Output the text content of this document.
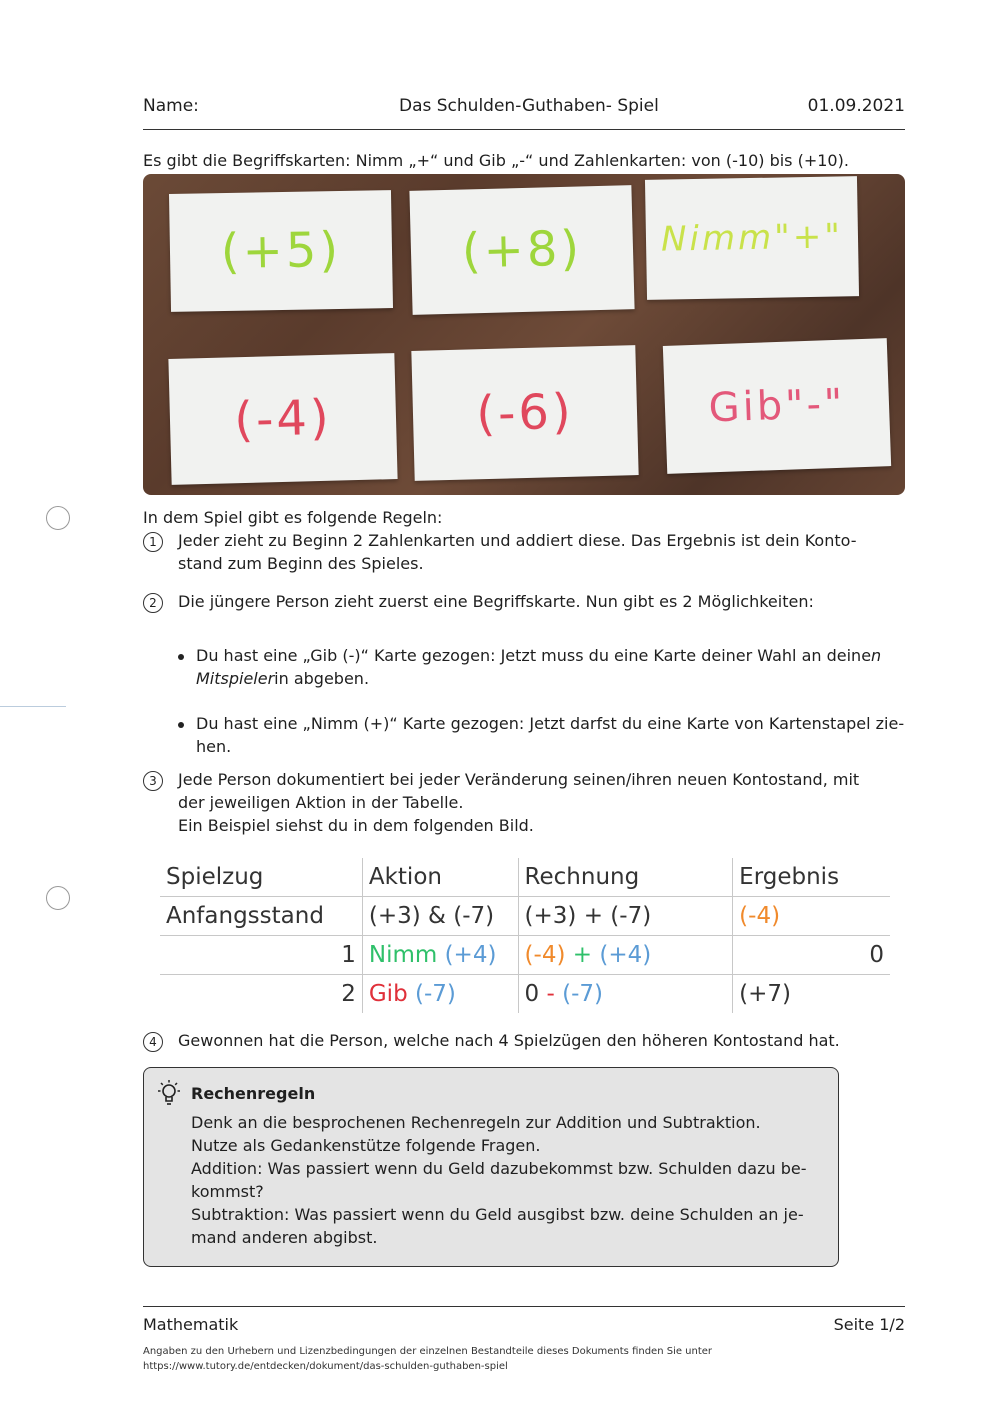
Name:	Das Schulden-Guthaben- Spiel	01.09.2021
Es gibt die Begriffskarten: Nimm „+“ und Gib „-“ und Zahlenkarten: von (-10) bis (+10).
(+5) (+8) Nimm"+"
(-4)	(-6)	Gib"-"
In dem Spiel gibt es folgende Regeln:
1	Jeder zieht zu Beginn 2 Zahlenkarten und addiert diese. Das Ergebnis ist dein Konto-
stand zum Beginn des Spieles.
2	Die jüngere Person zieht zuerst eine Begriffskarte. Nun gibt es 2 Möglichkeiten:
Du hast eine „Gib (-)“ Karte gezogen: Jetzt muss du eine Karte deiner Wahl an deinen
Mitspielerin abgeben.
Du hast eine „Nimm (+)“ Karte gezogen: Jetzt darfst du eine Karte von Kartenstapel zie-
hen.
3	Jede Person dokumentiert bei jeder Veränderung seinen/ihren neuen Kontostand, mit
der jeweiligen Aktion in der Tabelle.
Ein Beispiel siehst du in dem folgenden Bild.
Spielzug	Aktion	Rechnung	Ergebnis
Anfangsstand	(+3) & (-7)	(+3) + (-7)	(-4)
1	Nimm (+4)	(-4) + (+4)	0
2	Gib (-7)	0 - (-7)	(+7)
4	Gewonnen hat die Person, welche nach 4 Spielzügen den höheren Kontostand hat.
Rechenregeln
Denk an die besprochenen Rechenregeln zur Addition und Subtraktion.
Nutze als Gedankenstütze folgende Fragen.
Addition: Was passiert wenn du Geld dazubekommst bzw. Schulden dazu be-
kommst?
Subtraktion: Was passiert wenn du Geld ausgibst bzw. deine Schulden an je-
mand anderen abgibst.
Mathematik	Seite 1/2
Angaben zu den Urhebern und Lizenzbedingungen der einzelnen Bestandteile dieses Dokuments finden Sie unter
https://www.tutory.de/entdecken/dokument/das-schulden-guthaben-spiel
